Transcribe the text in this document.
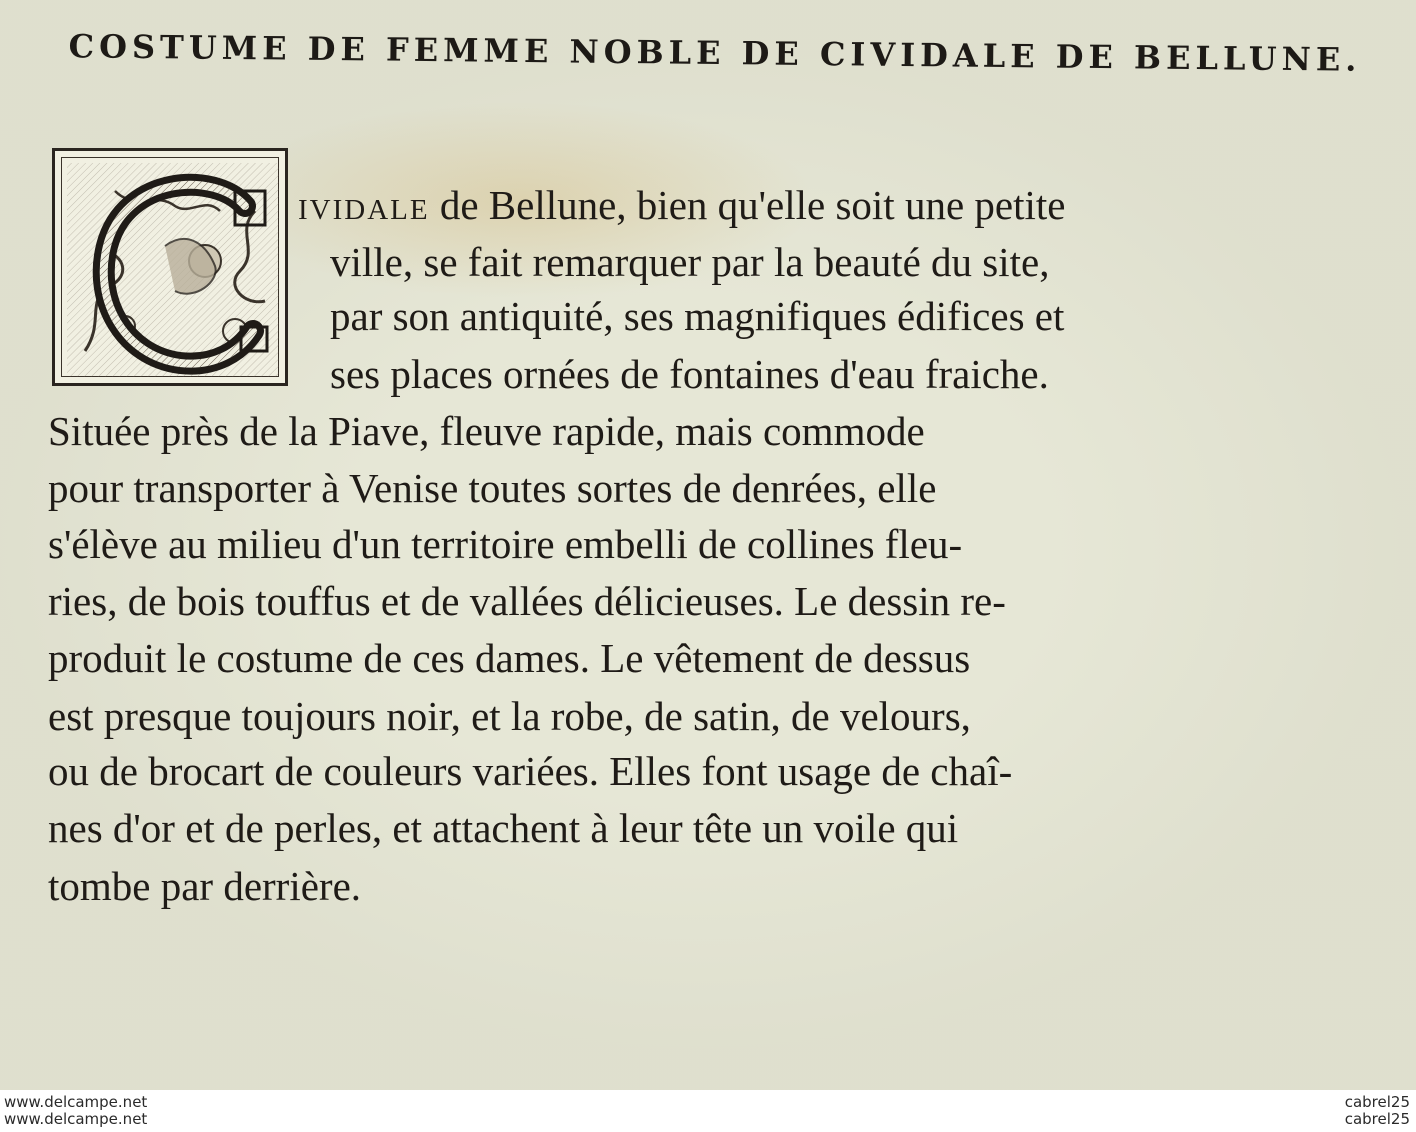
COSTUME DE FEMME NOBLE DE CIVIDALE DE BELLUNE.

IVIDALE de Bellune, bien qu'elle soit une petite

ville, se fait remarquer par la beauté du site,

par son antiquité, ses magnifiques édifices et

ses places ornées de fontaines d'eau fraiche.

Située près de la Piave, fleuve rapide, mais commode

pour transporter à Venise toutes sortes de denrées, elle

s'élève au milieu d'un territoire embelli de collines fleu-

ries, de bois touffus et de vallées délicieuses. Le dessin re-

produit le costume de ces dames. Le vêtement de dessus

est presque toujours noir, et la robe, de satin, de velours,

ou de brocart de couleurs variées. Elles font usage de chaî-

nes d'or et de perles, et attachent à leur tête un voile qui

tombe par derrière.

www.delcampe.net
www.delcampe.net
cabrel25
cabrel25
